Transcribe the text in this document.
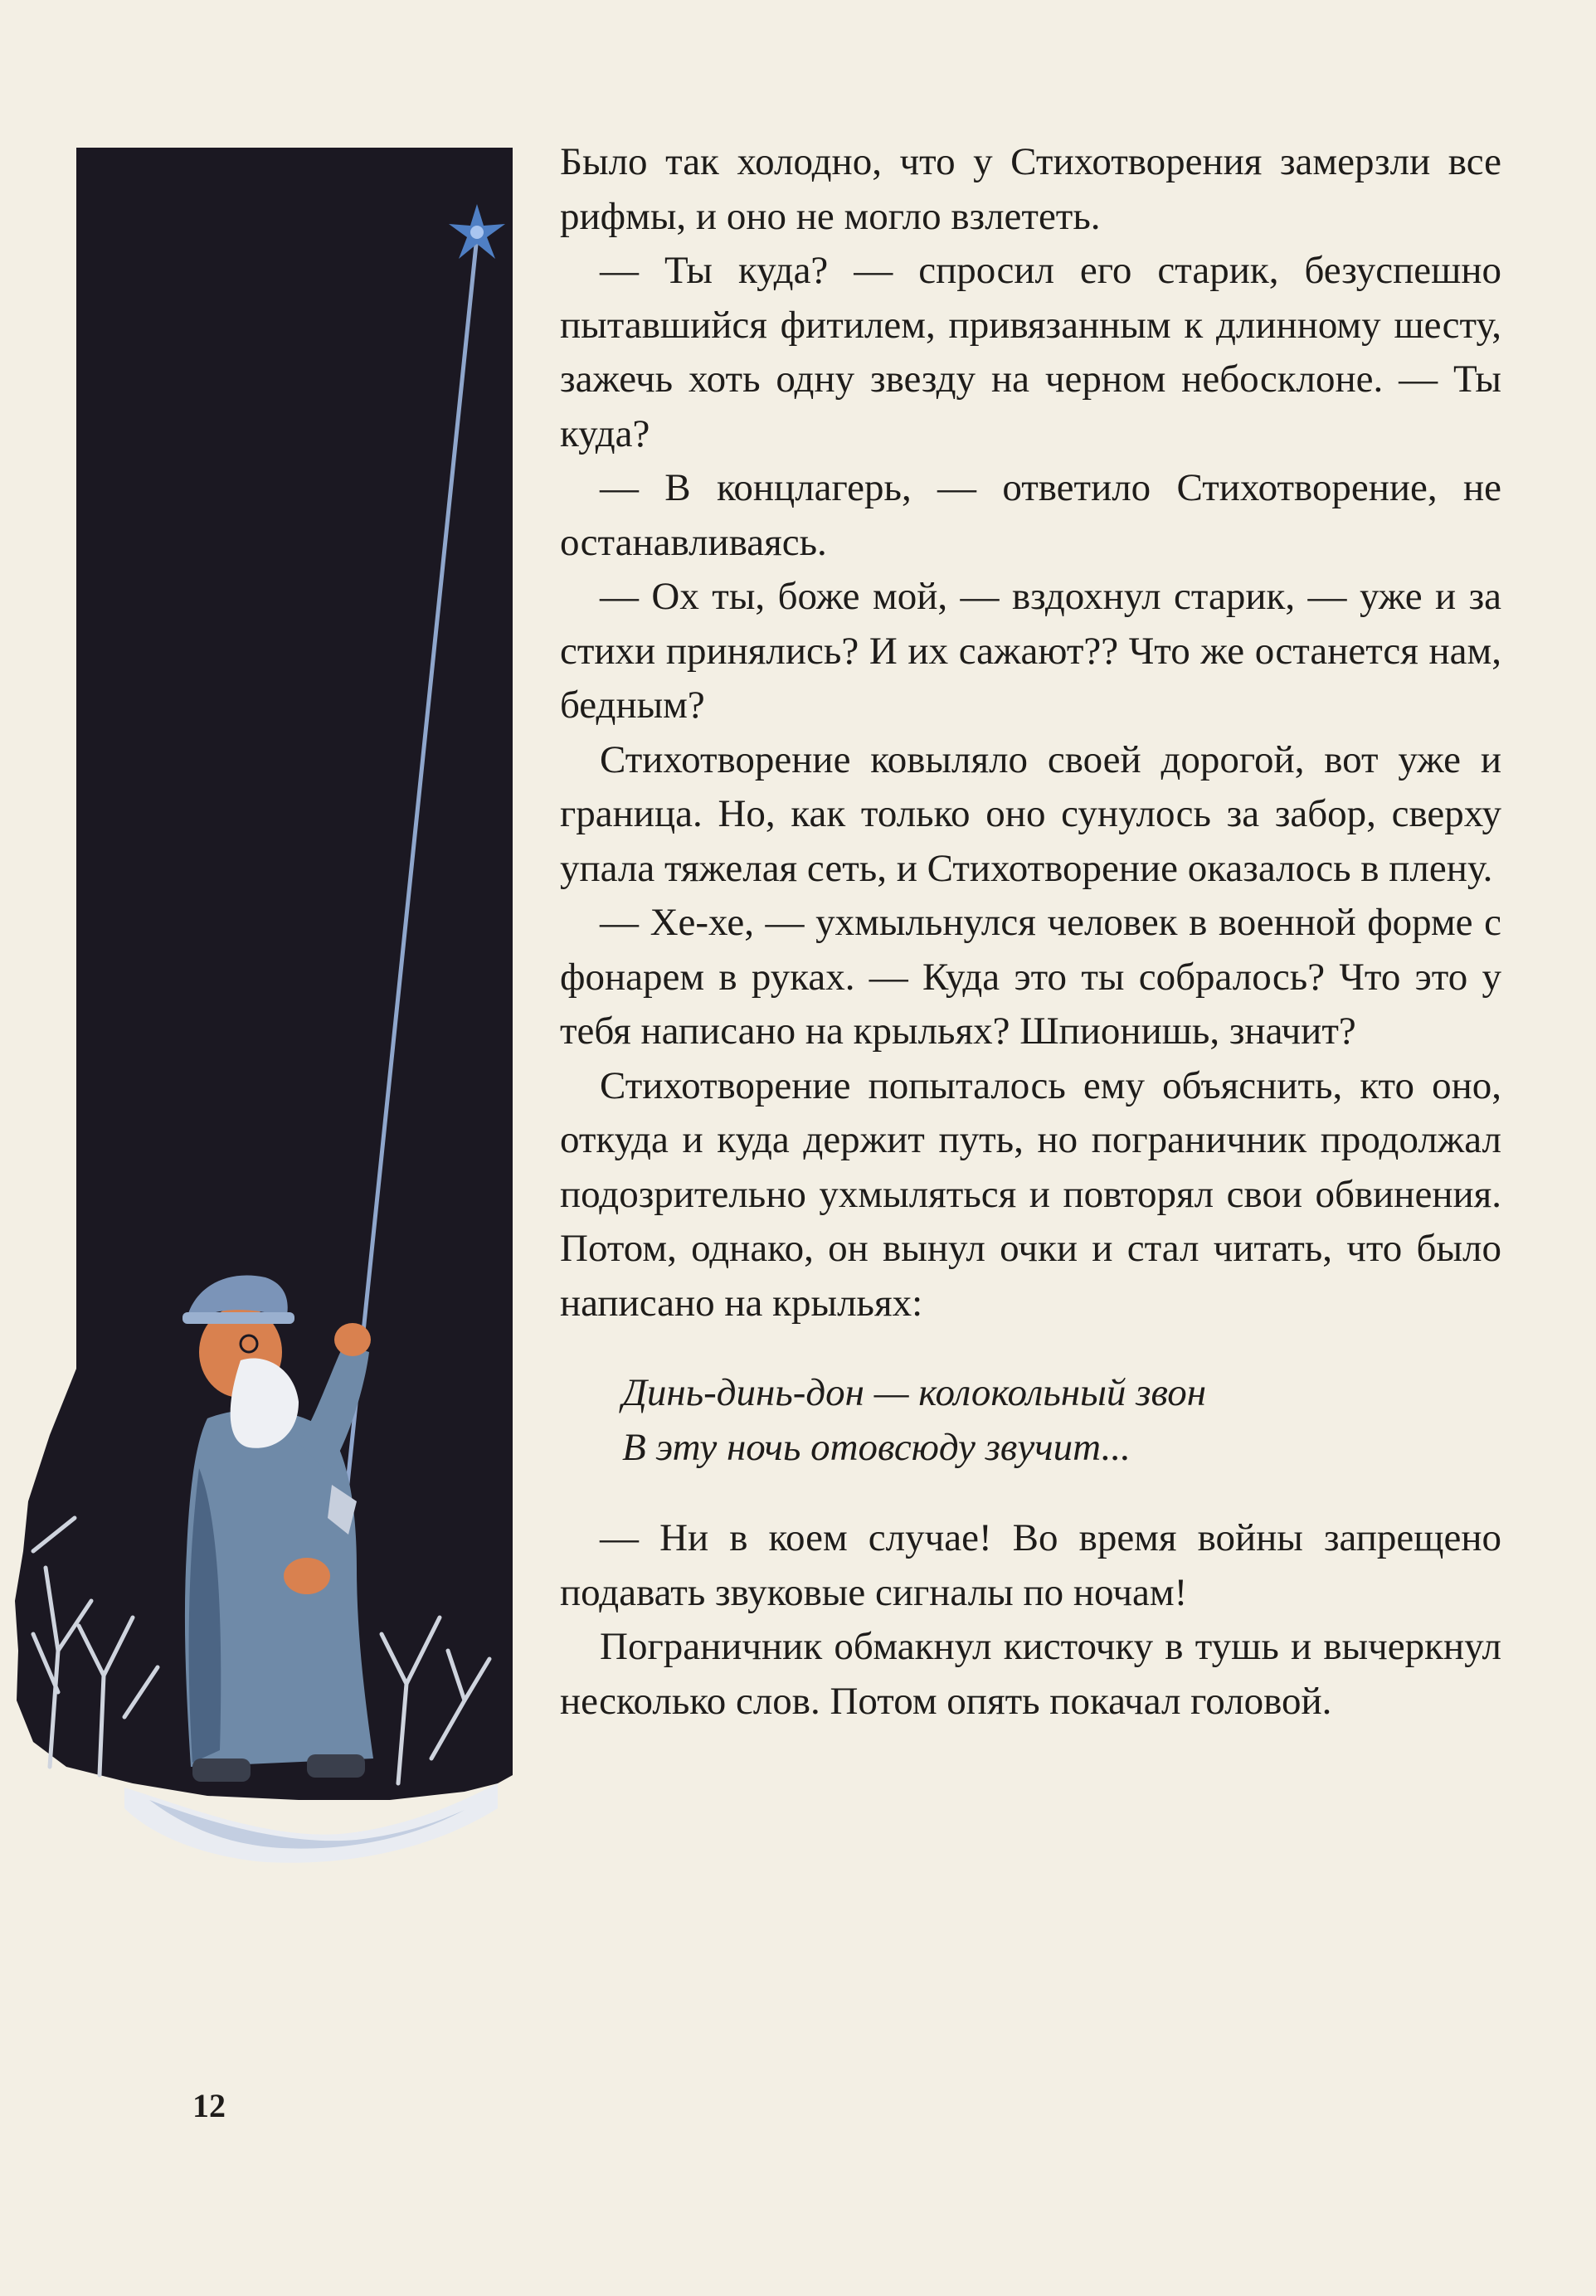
Было так холодно, что у Стихотворения замерзли все рифмы, и оно не могло взлететь.

— Ты куда? — спросил его старик, безуспешно пытавшийся фитилем, привязанным к длинному шесту, зажечь хоть одну звезду на черном небосклоне. — Ты куда?

— В концлагерь, — ответило Стихотворение, не останавливаясь.

— Ох ты, боже мой, — вздохнул старик, — уже и за стихи принялись? И их сажают?? Что же останется нам, бедным?

Стихотворение ковыляло своей дорогой, вот уже и граница. Но, как только оно сунулось за забор, сверху упала тяжелая сеть, и Стихотворение оказалось в плену.

— Хе-хе, — ухмыльнулся человек в военной форме с фонарем в руках. — Куда это ты собралось? Что это у тебя написано на крыльях? Шпионишь, значит?

Стихотворение попыталось ему объяснить, кто оно, откуда и куда держит путь, но пограничник продолжал подозрительно ухмыляться и повторял свои обвинения. Потом, однако, он вынул очки и стал читать, что было написано на крыльях:

Динь-динь-дон — колокольный звон
В эту ночь отовсюду звучит...

— Ни в коем случае! Во время войны запрещено подавать звуковые сигналы по ночам!

Пограничник обмакнул кисточку в тушь и вычеркнул несколько слов. Потом опять покачал головой.

12
